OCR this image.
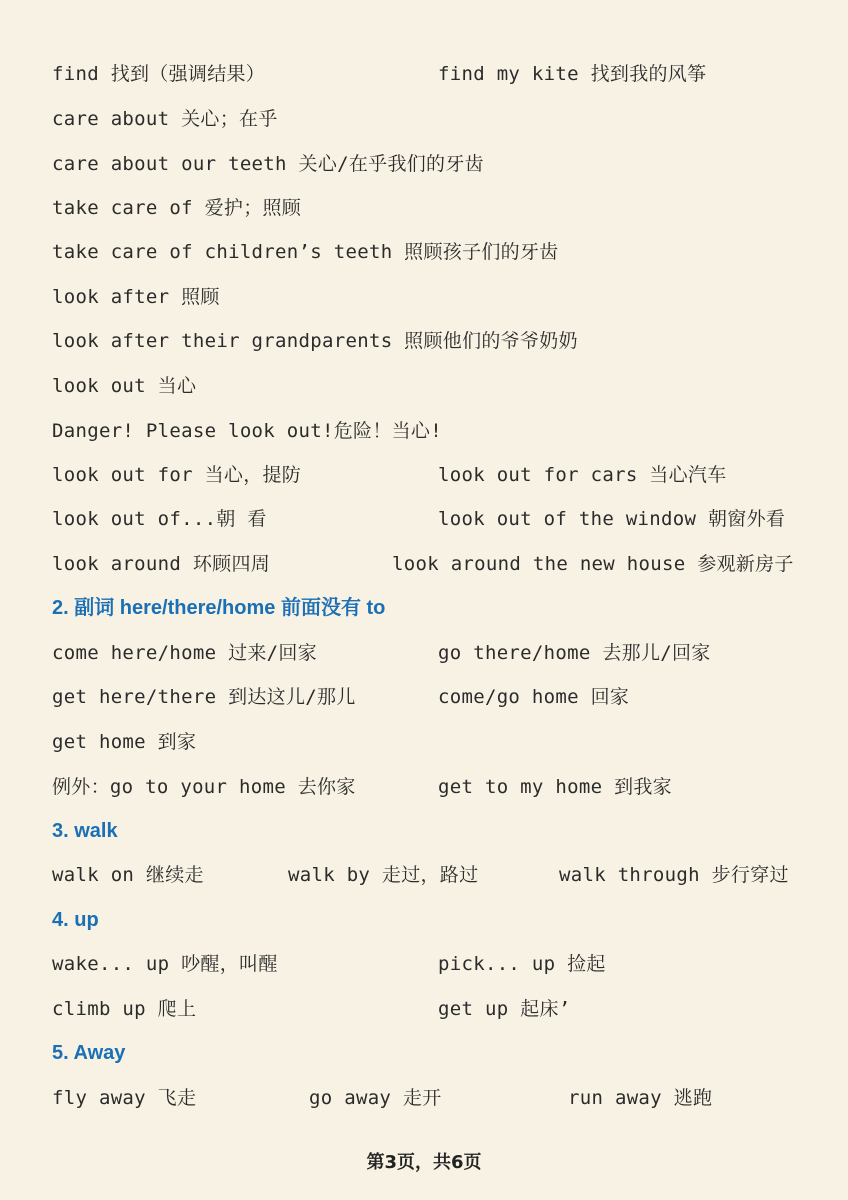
find 找到（强调结果）	find my kite 找到我的风筝
care about 关心；在乎
care about our teeth 关心/在乎我们的牙齿
take care of 爱护；照顾
take care of children’s teeth 照顾孩子们的牙齿
look after 照顾
look after their grandparents 照顾他们的爷爷奶奶
look out 当心
Danger! Please look out!危险！当心!
look out for 当心，提防	look out for cars 当心汽车
look out of...朝 看	look out of the window 朝窗外看
look around 环顾四周	look around the new house 参观新房子
2. 副词 here/there/home 前面没有 to
come here/home 过来/回家	go there/home 去那儿/回家
get here/there 到达这儿/那儿	come/go home 回家
get home 到家
例外：go to your home 去你家	get to my home 到我家
3. walk
walk on 继续走	walk by 走过，路过	walk through 步行穿过
4. up
wake... up 吵醒，叫醒	pick... up 捡起
climb up 爬上	get up 起床’
5. Away
fly away 飞走	go away 走开	run away 逃跑
第3页，共6页
